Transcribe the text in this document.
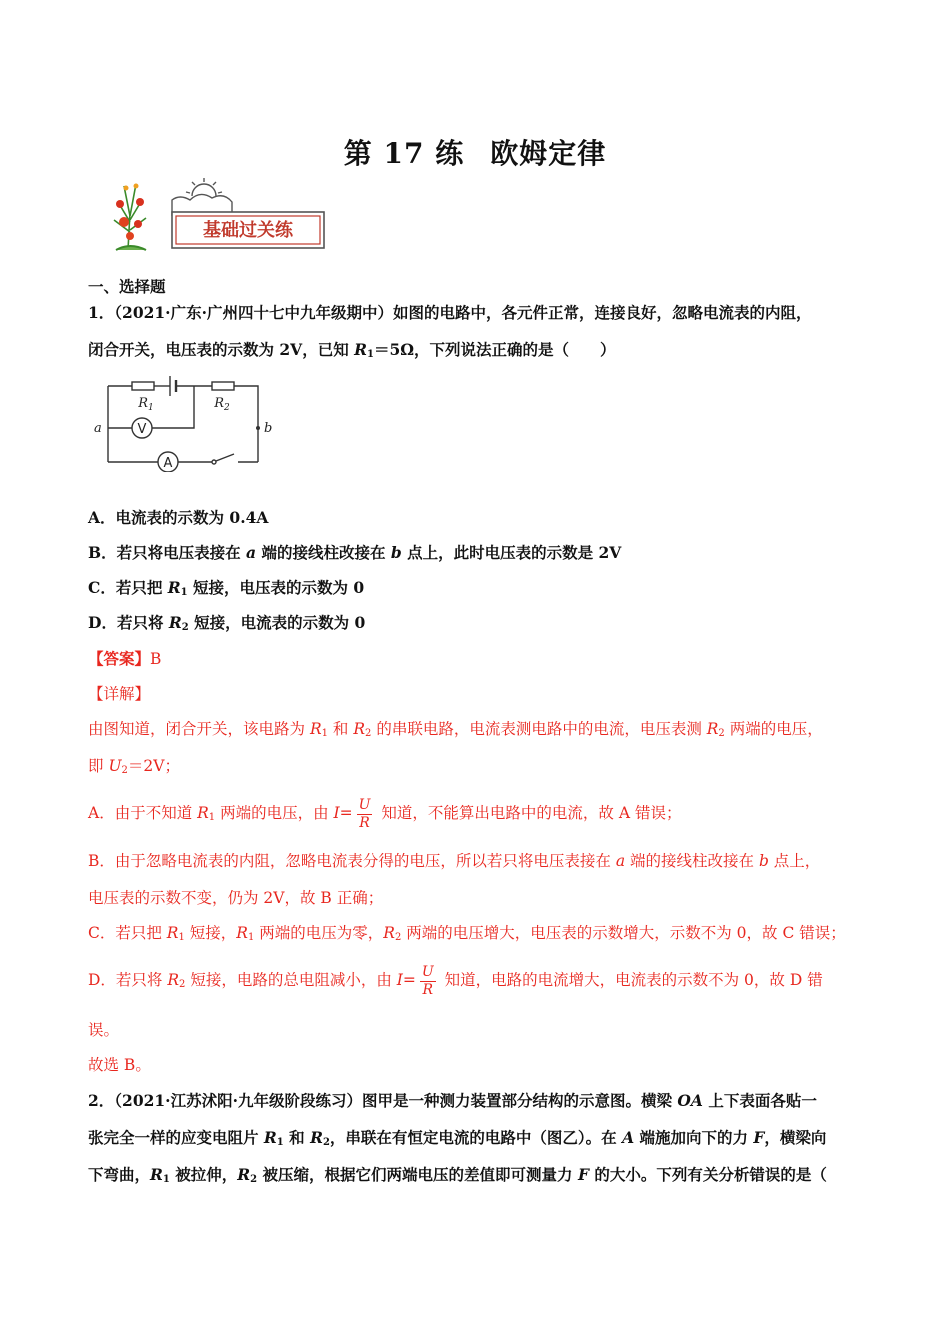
第 17 练 欧姆定律
基础过关练
一、选择题
1．（2021·广东·广州四十七中九年级期中）如图的电路中，各元件正常，连接良好，忽略电流表的内阻，
闭合开关，电压表的示数为 2V，已知 $R_1=5\Omega$，下列说法正确的是（　　）
$R_1$	$R_2$
V
A
a	b
A．电流表的示数为 0.4A
B．若只将电压表接在 a 端的接线柱改接在 b 点上，此时电压表的示数是 2V
C．若只把 $R_1$ 短接，电压表的示数为 0
D．若只将 $R_2$ 短接，电流表的示数为 0
【答案】B
【详解】
由图知道，闭合开关，该电路为 $R_1$ 和 $R_2$ 的串联电路，电流表测电路中的电流，电压表测 $R_2$ 两端的电压，
即 $U_2=2V$；
A．由于不知道 $R_1$ 两端的电压，由 $I= \frac{U}{R}$ 知道，不能算出电路中的电流，故 A 错误；
B．由于忽略电流表的内阻，忽略电流表分得的电压，所以若只将电压表接在 a 端的接线柱改接在 b 点上，
电压表的示数不变，仍为 2V，故 B 正确；
C．若只把 $R_1$ 短接，$R_1$ 两端的电压为零，$R_2$ 两端的电压增大，电压表的示数增大，示数不为 0，故 C 错误；
D．若只将 $R_2$ 短接，电路的总电阻减小，由 $I= \frac{U}{R}$ 知道，电路的电流增大，电流表的示数不为 0，故 D 错
误。
故选 B。
2．（2021·江苏沭阳·九年级阶段练习）图甲是一种测力装置部分结构的示意图。横梁 OA 上下表面各贴一
张完全一样的应变电阻片 $R_1$ 和 $R_2$，串联在有恒定电流的电路中（图乙）。在 A 端施加向下的力 F，横梁向
下弯曲，$R_1$ 被拉伸，$R_2$ 被压缩，根据它们两端电压的差值即可测量力 F 的大小。下列有关分析错误的是（
